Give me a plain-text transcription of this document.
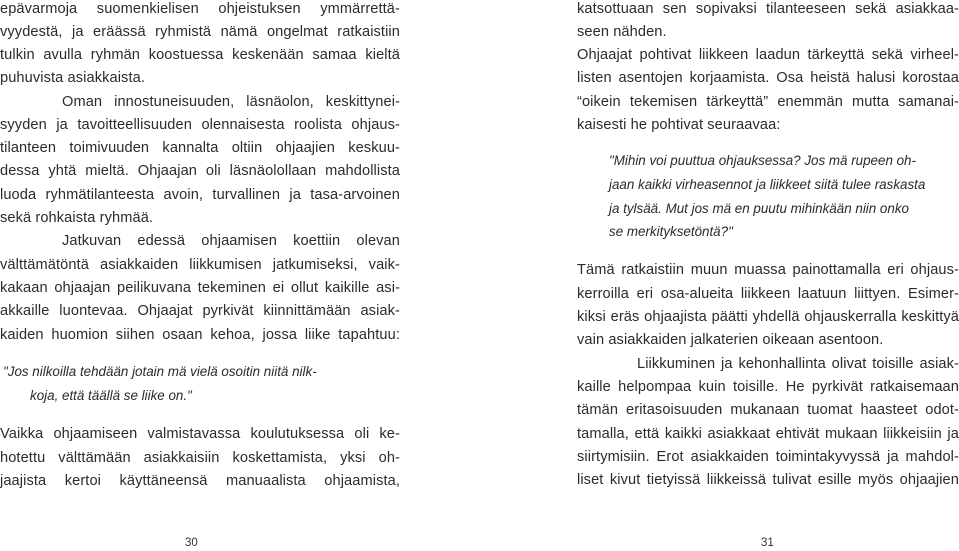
epävarmoja suomenkielisen ohjeistuksen ymmärrettä-
vyydestä, ja eräässä ryhmistä nämä ongelmat ratkaistiin
tulkin avulla ryhmän koostuessa keskenään samaa kieltä
puhuvista asiakkaista.
Oman innostuneisuuden, läsnäolon, keskittynei-
syyden ja tavoitteellisuuden olennaisesta roolista ohjaus-
tilanteen toimivuuden kannalta oltiin ohjaajien keskuu-
dessa yhtä mieltä. Ohjaajan oli läsnäolollaan mahdollista
luoda ryhmätilanteesta avoin, turvallinen ja tasa-arvoinen
sekä rohkaista ryhmää.
Jatkuvan edessä ohjaamisen koettiin olevan
välttämätöntä asiakkaiden liikkumisen jatkumiseksi, vaik-
kakaan ohjaajan peilikuvana tekeminen ei ollut kaikille asi-
akkaille luontevaa. Ohjaajat pyrkivät kiinnittämään asiak-
kaiden huomion siihen osaan kehoa, jossa liike tapahtuu:
"Jos nilkoilla tehdään jotain mä vielä osoitin niitä nilk-
koja, että täällä se liike on."
Vaikka ohjaamiseen valmistavassa koulutuksessa oli ke-
hotettu välttämään asiakkaisiin koskettamista, yksi oh-
jaajista kertoi käyttäneensä manuaalista ohjaamista,
30
katsottuaan sen sopivaksi tilanteeseen sekä asiakkaa-
seen nähden.
Ohjaajat pohtivat liikkeen laadun tärkeyttä sekä virheel-
listen asentojen korjaamista. Osa heistä halusi korostaa
“oikein tekemisen tärkeyttä” enemmän mutta samanai-
kaisesti he pohtivat seuraavaa:
"Mihin voi puuttua ohjauksessa? Jos mä rupeen oh-
jaan kaikki virheasennot ja liikkeet siitä tulee raskasta
ja tylsää. Mut jos mä en puutu mihinkään niin onko
se merkityksetöntä?"
Tämä ratkaistiin muun muassa painottamalla eri ohjaus-
kerroilla eri osa-alueita liikkeen laatuun liittyen. Esimer-
kiksi eräs ohjaajista päätti yhdellä ohjauskerralla keskittyä
vain asiakkaiden jalkaterien oikeaan asentoon.
Liikkuminen ja kehonhallinta olivat toisille asiak-
kaille helpompaa kuin toisille. He pyrkivät ratkaisemaan
tämän eritasoisuuden mukanaan tuomat haasteet odot-
tamalla, että kaikki asiakkaat ehtivät mukaan liikkeisiin ja
siirtymisiin. Erot asiakkaiden toimintakyvyssä ja mahdol-
liset kivut tietyissä liikkeissä tulivat esille myös ohjaajien
31
